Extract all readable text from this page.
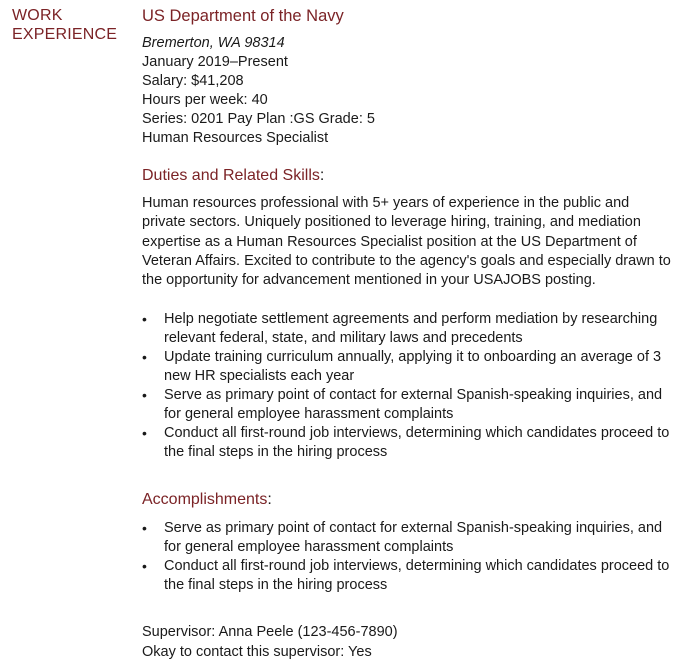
WORK EXPERIENCE
US Department of the Navy
Bremerton, WA 98314
January 2019–Present
Salary: $41,208
Hours per week: 40
Series: 0201 Pay Plan :GS Grade: 5
Human Resources Specialist
Duties and Related Skills:
Human resources professional with 5+ years of experience in the public and private sectors. Uniquely positioned to leverage hiring, training, and mediation expertise as a Human Resources Specialist position at the US Department of Veteran Affairs. Excited to contribute to the agency's goals and especially drawn to the opportunity for advancement mentioned in your USAJOBS posting.
• Help negotiate settlement agreements and perform mediation by researching relevant federal, state, and military laws and precedents
• Update training curriculum annually, applying it to onboarding an average of 3 new HR specialists each year
• Serve as primary point of contact for external Spanish-speaking inquiries, and for general employee harassment complaints
• Conduct all first-round job interviews, determining which candidates proceed to the final steps in the hiring process
Accomplishments:
• Serve as primary point of contact for external Spanish-speaking inquiries, and for general employee harassment complaints
• Conduct all first-round job interviews, determining which candidates proceed to the final steps in the hiring process
Supervisor: Anna Peele (123-456-7890)
Okay to contact this supervisor: Yes
